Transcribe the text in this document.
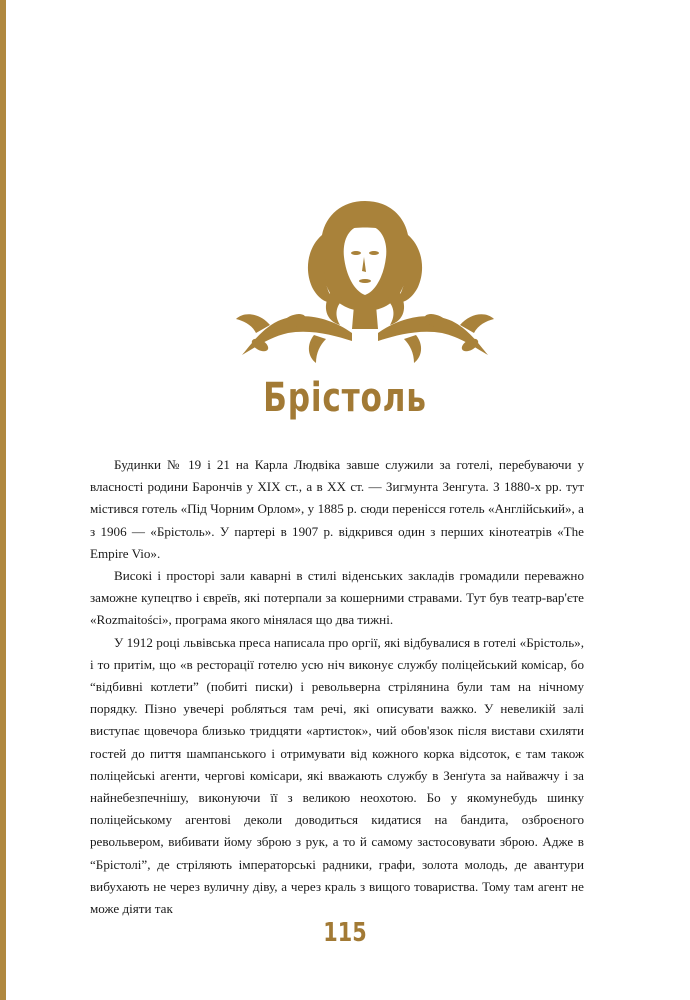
Брістоль

Будинки № 19 і 21 на Карла Людвіка завше служили за готелі, перебуваючи у власності родини Барончів у XIX ст., а в XX ст. — Зигмунта Зенгута. З 1880-х рр. тут містився готель «Під Чорним Орлом», у 1885 р. сюди перенісся готель «Англійський», а з 1906 — «Брістоль». У партері в 1907 р. відкрився один з перших кінотеатрів «The Empire Vio».

Високі і просторі зали каварні в стилі віденських закладів громадили переважно заможне купецтво і євреїв, які потерпали за кошерними стравами. Тут був театр-вар'єте «Rozmaitości», програма якого мінялася що два тижні.

У 1912 році львівська преса написала про оргії, які відбувалися в готелі «Брістоль», і то притім, що «в ресторації готелю усю ніч виконує службу поліцейський комісар, бо “відбивні котлети” (побиті писки) і револьверна стрілянина були там на нічному порядку. Пізно увечері робляться там речі, які описувати важко. У невеликій залі виступає щовечора близько тридцяти «артисток», чий обов'язок після вистави схиляти гостей до пиття шампанського і отримувати від кожного корка відсоток, є там також поліцейські агенти, чергові комісари, які вважають службу в Зенґута за найважчу і за найнебезпечнішу, виконуючи її з великою неохотою. Бо у якомунебудь шинку поліцейському агентові деколи доводиться кидатися на бандита, озброєного револьвером, вибивати йому зброю з рук, а то й самому застосовувати зброю. Адже в “Брістолі”, де стріляють імператорські радники, графи, золота молодь, де авантури вибухають не через вуличну діву, а через краль з вищого товариства. Тому там агент не може діяти так

115
